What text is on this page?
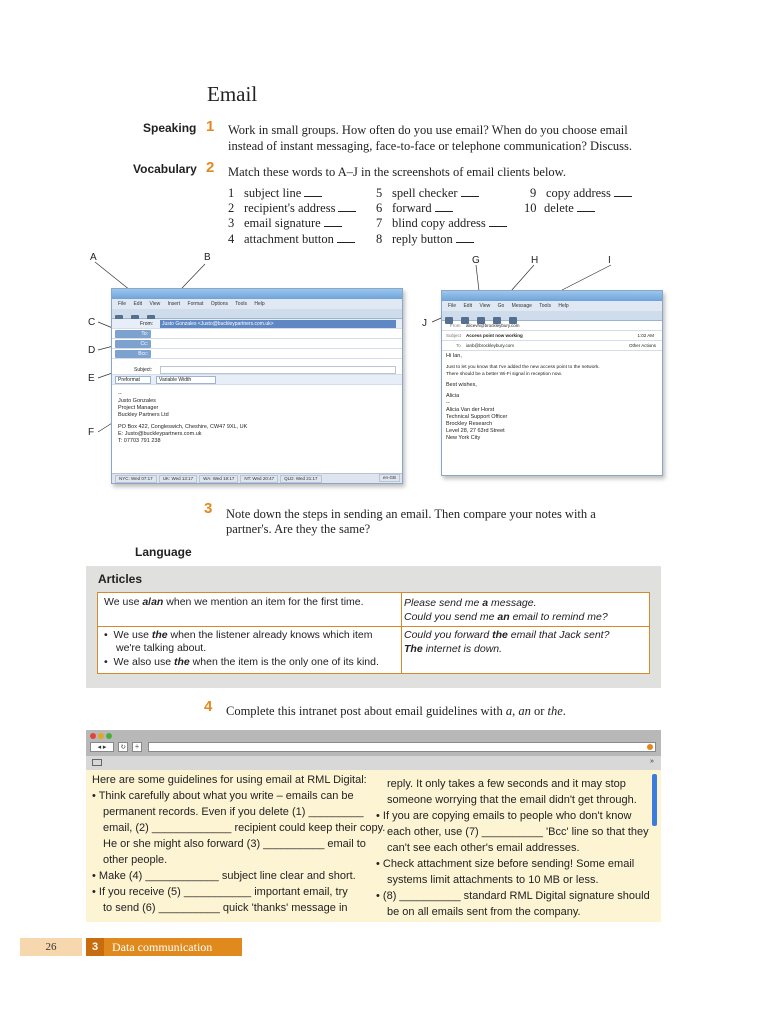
Email
Speaking 1 Work in small groups. How often do you use email? When do you choose email
instead of instant messaging, face-to-face or telephone communication? Discuss.
Vocabulary 2 Match these words to A–J in the screenshots of email clients below.
1 subject line
2 recipient's address
3 email signature
4 attachment button
5 spell checker
6 forward
7 blind copy address
8 reply button
9 copy address
10 delete
A	B
C
D
E
F
G	H	I
J
File Edit View Insert Format Options Tools Help

From:	Justo Gonzales <Justo@buckleypartners.com.uk>
To:
Cc:
Bcc:
Subject:
Preformat	Variable Width
--
Justo Gonzales
Project Manager
Buckley Partners Ltd
PO Box 422, Congleswich, Cheshire, CW47 9XL, UK
E: Justo@buckleypartners.com.uk
T: 07703 791 238
NYC: Wed 07:17 UK: Wed 13:17 WA: Wed 19:17 NT: Wed 20:47 QLD: Wed 21:17	en-GB
File Edit View Go Message Tools Help

From alicevh@brockleybury.com
Subject Access point now working	1:02 AM
To ianb@brockleybury.com	Other Actions
Hi Ian,
Just to let you know that I've added the new access point to the network.
There should be a better Wi-Fi signal in reception now.
Best wishes,
Alicia
--
Alicia Van der Horst
Technical Support Officer
Brockley Research
Level 28, 27 63rd Street
New York City
3 Note down the steps in sending an email. Then compare your notes with a
partner's. Are they the same?
Language
Articles
We use a/an when we mention an item for the first time.	Please send me a message.
Could you send me an email to remind me?
•  We use the when the listener already knows which item
we're talking about.
•  We also use the when the item is the only one of its kind.
Could you forward the email that Jack sent?
The internet is down.
4 Complete this intranet post about email guidelines with a, an or the.
◂ ▸	↻	+
»
Here are some guidelines for using email at RML Digital:
• Think carefully about what you write – emails can be
permanent records. Even if you delete (1) _________
email, (2) _____________ recipient could keep their copy.
He or she might also forward (3) __________ email to
other people.
• Make (4) ____________ subject line clear and short.
• If you receive (5) ___________ important email, try
to send (6) __________ quick 'thanks' message in
reply. It only takes a few seconds and it may stop
someone worrying that the email didn't get through.
• If you are copying emails to people who don't know
each other, use (7) __________ 'Bcc' line so that they
can't see each other's email addresses.
• Check attachment size before sending! Some email
systems limit attachments to 10 MB or less.
• (8) __________ standard RML Digital signature should
be on all emails sent from the company.
26	3	Data communication
